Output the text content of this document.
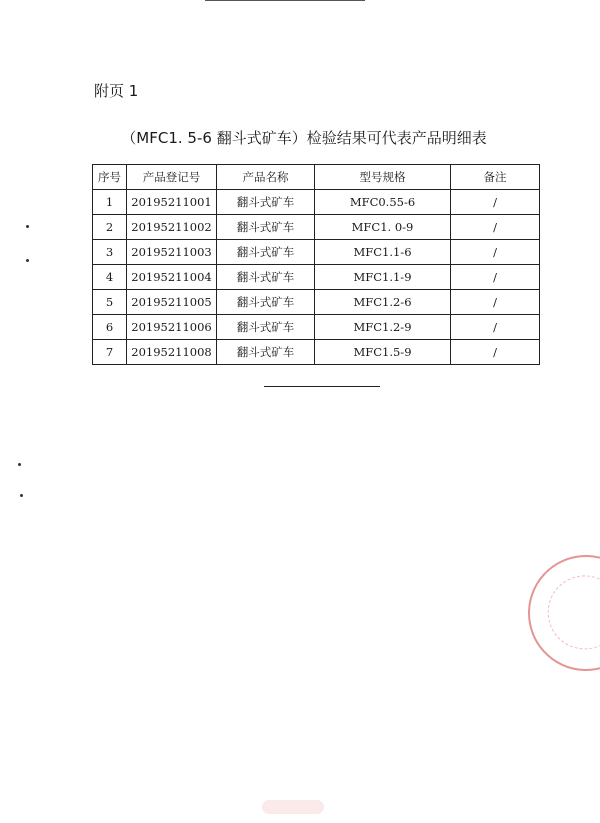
附页 1
（MFC1. 5-6 翻斗式矿车）检验结果可代表产品明细表
序号	产品登记号	产品名称	型号规格	备注
1	20195211001	翻斗式矿车	MFC0.55-6	/
2	20195211002	翻斗式矿车	MFC1. 0-9	/
3	20195211003	翻斗式矿车	MFC1.1-6	/
4	20195211004	翻斗式矿车	MFC1.1-9	/
5	20195211005	翻斗式矿车	MFC1.2-6	/
6	20195211006	翻斗式矿车	MFC1.2-9	/
7	20195211008	翻斗式矿车	MFC1.5-9	/
